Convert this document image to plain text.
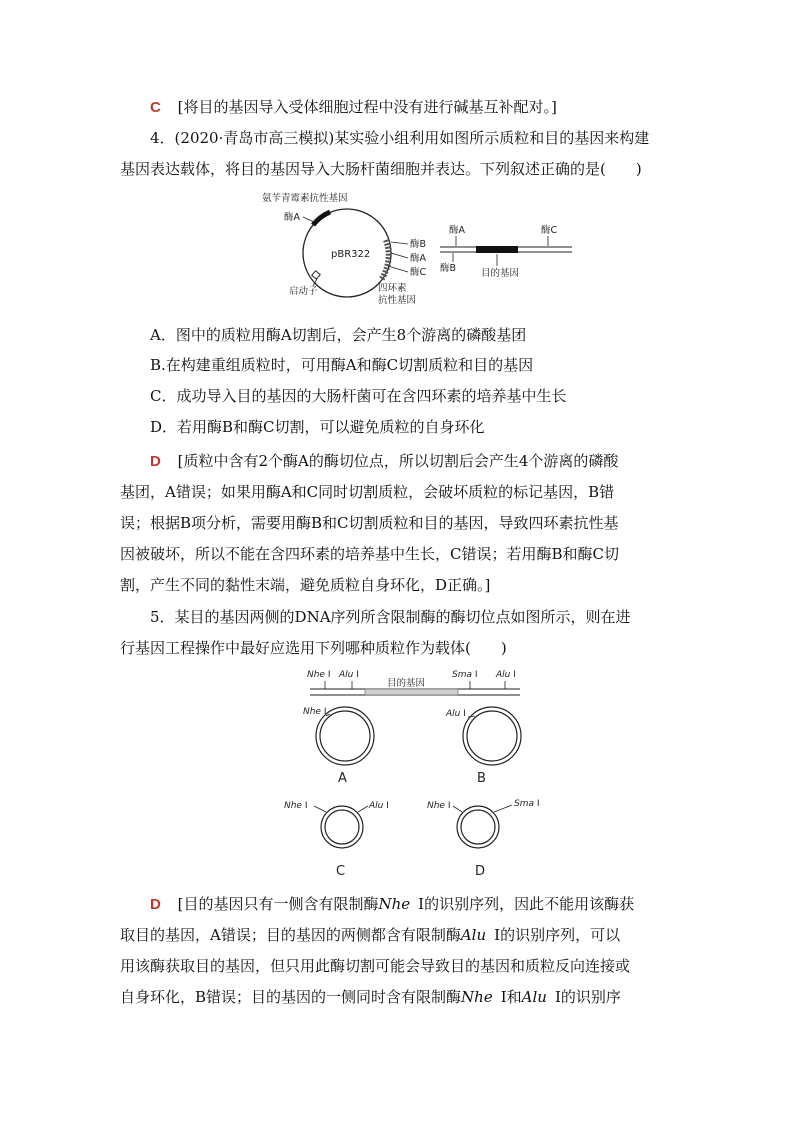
C [将目的基因导入受体细胞过程中没有进行碱基互补配对。]
4．(2020·青岛市高三模拟)某实验小组利用如图所示质粒和目的基因来构建
基因表达载体，将目的基因导入大肠杆菌细胞并表达。下列叙述正确的是(　　)
氨苄青霉素抗性基因
酶A
pBR322
酶B
酶A
酶C
启动子	四环素
抗性基因
酶A	酶C
酶B	目的基因
目的基因
Nhe Ⅰ Alu Ⅰ	Sma Ⅰ Alu Ⅰ
Nhe Ⅰ
A
Alu Ⅰ
B
Nhe Ⅰ	Alu Ⅰ
C
Nhe Ⅰ	Sma Ⅰ
D
A．图中的质粒用酶A切割后，会产生8个游离的磷酸基团
B.在构建重组质粒时，可用酶A和酶C切割质粒和目的基因
C．成功导入目的基因的大肠杆菌可在含四环素的培养基中生长
D．若用酶B和酶C切割，可以避免质粒的自身环化
D [质粒中含有2个酶A的酶切位点，所以切割后会产生4个游离的磷酸
基团，A错误；如果用酶A和C同时切割质粒，会破坏质粒的标记基因，B错
误；根据B项分析，需要用酶B和C切割质粒和目的基因，导致四环素抗性基
因被破坏，所以不能在含四环素的培养基中生长，C错误；若用酶B和酶C切
割，产生不同的黏性末端，避免质粒自身环化，D正确。]
5．某目的基因两侧的DNA序列所含限制酶的酶切位点如图所示，则在进
行基因工程操作中最好应选用下列哪种质粒作为载体(　　)
D [目的基因只有一侧含有限制酶Nhe Ⅰ的识别序列，因此不能用该酶获
取目的基因，A错误；目的基因的两侧都含有限制酶Alu Ⅰ的识别序列，可以
用该酶获取目的基因，但只用此酶切割可能会导致目的基因和质粒反向连接或
自身环化，B错误；目的基因的一侧同时含有限制酶Nhe Ⅰ和Alu Ⅰ的识别序
